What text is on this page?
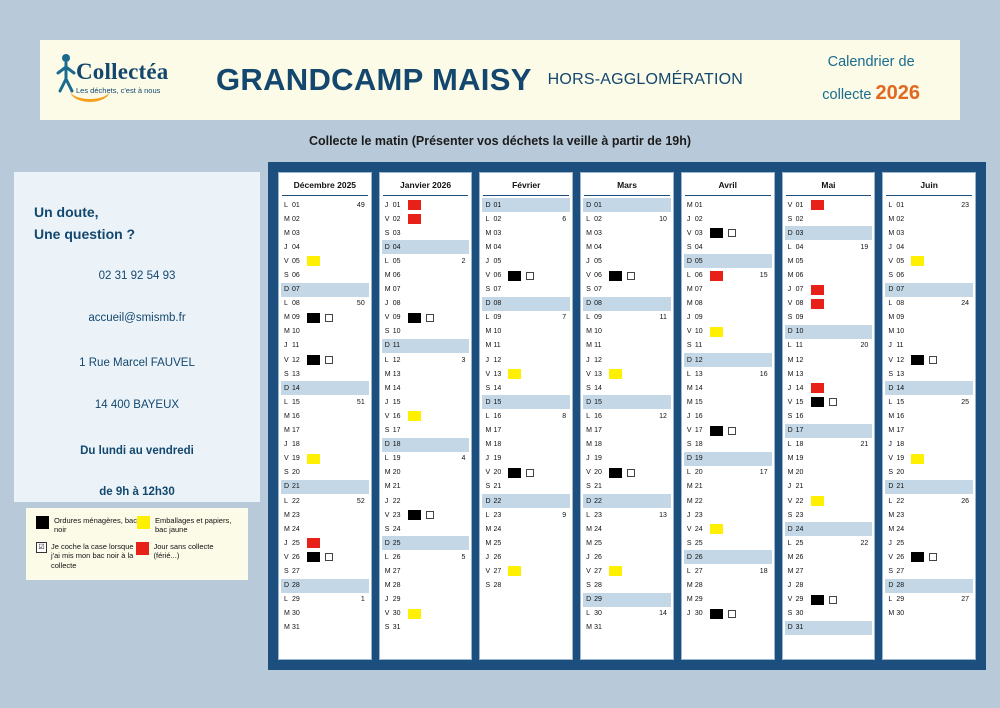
Collectéa
Les déchets, c'est à nous GRANDCAMP MAISY HORS-AGGLOMÉRATION
Calendrier de
collecte 2026
Collecte le matin (Présenter vos déchets la veille à partir de 19h)
Un doute,
Une question ?
02 31 92 54 93
accueil@smismb.fr
1 Rue Marcel FAUVEL
14 400 BAYEUX
Du lundi au vendredi
de 9h à 12h30
Ordures ménagères, bac noir
Emballages et papiers, bac jaune
☑ Je coche la case lorsque j'ai mis mon bac noir à la collecte
Jour sans collecte (férié...)
Décembre 2025
L 01	49
M 02
M 03
J 04
V 05
S 06
D 07
L 08	50
M 09
M 10
J 11
V 12
S 13
D 14
L 15	51
M 16
M 17
J 18
V 19
S 20
D 21
L 22	52
M 23
M 24
J 25
V 26
S 27
D 28
L 29	1
M 30
M 31
Janvier 2026
J 01
V 02
S 03
D 04
L 05	2
M 06
M 07
J 08
V 09
S 10
D 11
L 12	3
M 13
M 14
J 15
V 16
S 17
D 18
L 19	4
M 20
M 21
J 22
V 23
S 24
D 25
L 26	5
M 27
M 28
J 29
V 30
S 31
Février
D 01
L 02	6
M 03
M 04
J 05
V 06
S 07
D 08
L 09	7
M 10
M 11
J 12
V 13
S 14
D 15
L 16	8
M 17
M 18
J 19
V 20
S 21
D 22
L 23	9
M 24
M 25
J 26
V 27
S 28
Mars
D 01
L 02	10
M 03
M 04
J 05
V 06
S 07
D 08
L 09	11
M 10
M 11
J 12
V 13
S 14
D 15
L 16	12
M 17
M 18
J 19
V 20
S 21
D 22
L 23	13
M 24
M 25
J 26
V 27
S 28
D 29
L 30	14
M 31
Avril
M 01
J 02
V 03
S 04
D 05
L 06	15
M 07
M 08
J 09
V 10
S 11
D 12
L 13	16
M 14
M 15
J 16
V 17
S 18
D 19
L 20	17
M 21
M 22
J 23
V 24
S 25
D 26
L 27	18
M 28
M 29
J 30
Mai
V 01
S 02
D 03
L 04	19
M 05
M 06
J 07
V 08
S 09
D 10
L 11	20
M 12
M 13
J 14
V 15
S 16
D 17
L 18	21
M 19
M 20
J 21
V 22
S 23
D 24
L 25	22
M 26
M 27
J 28
V 29
S 30
D 31
Juin
L 01	23
M 02
M 03
J 04
V 05
S 06
D 07
L 08	24
M 09
M 10
J 11
V 12
S 13
D 14
L 15	25
M 16
M 17
J 18
V 19
S 20
D 21
L 22	26
M 23
M 24
J 25
V 26
S 27
D 28
L 29	27
M 30
